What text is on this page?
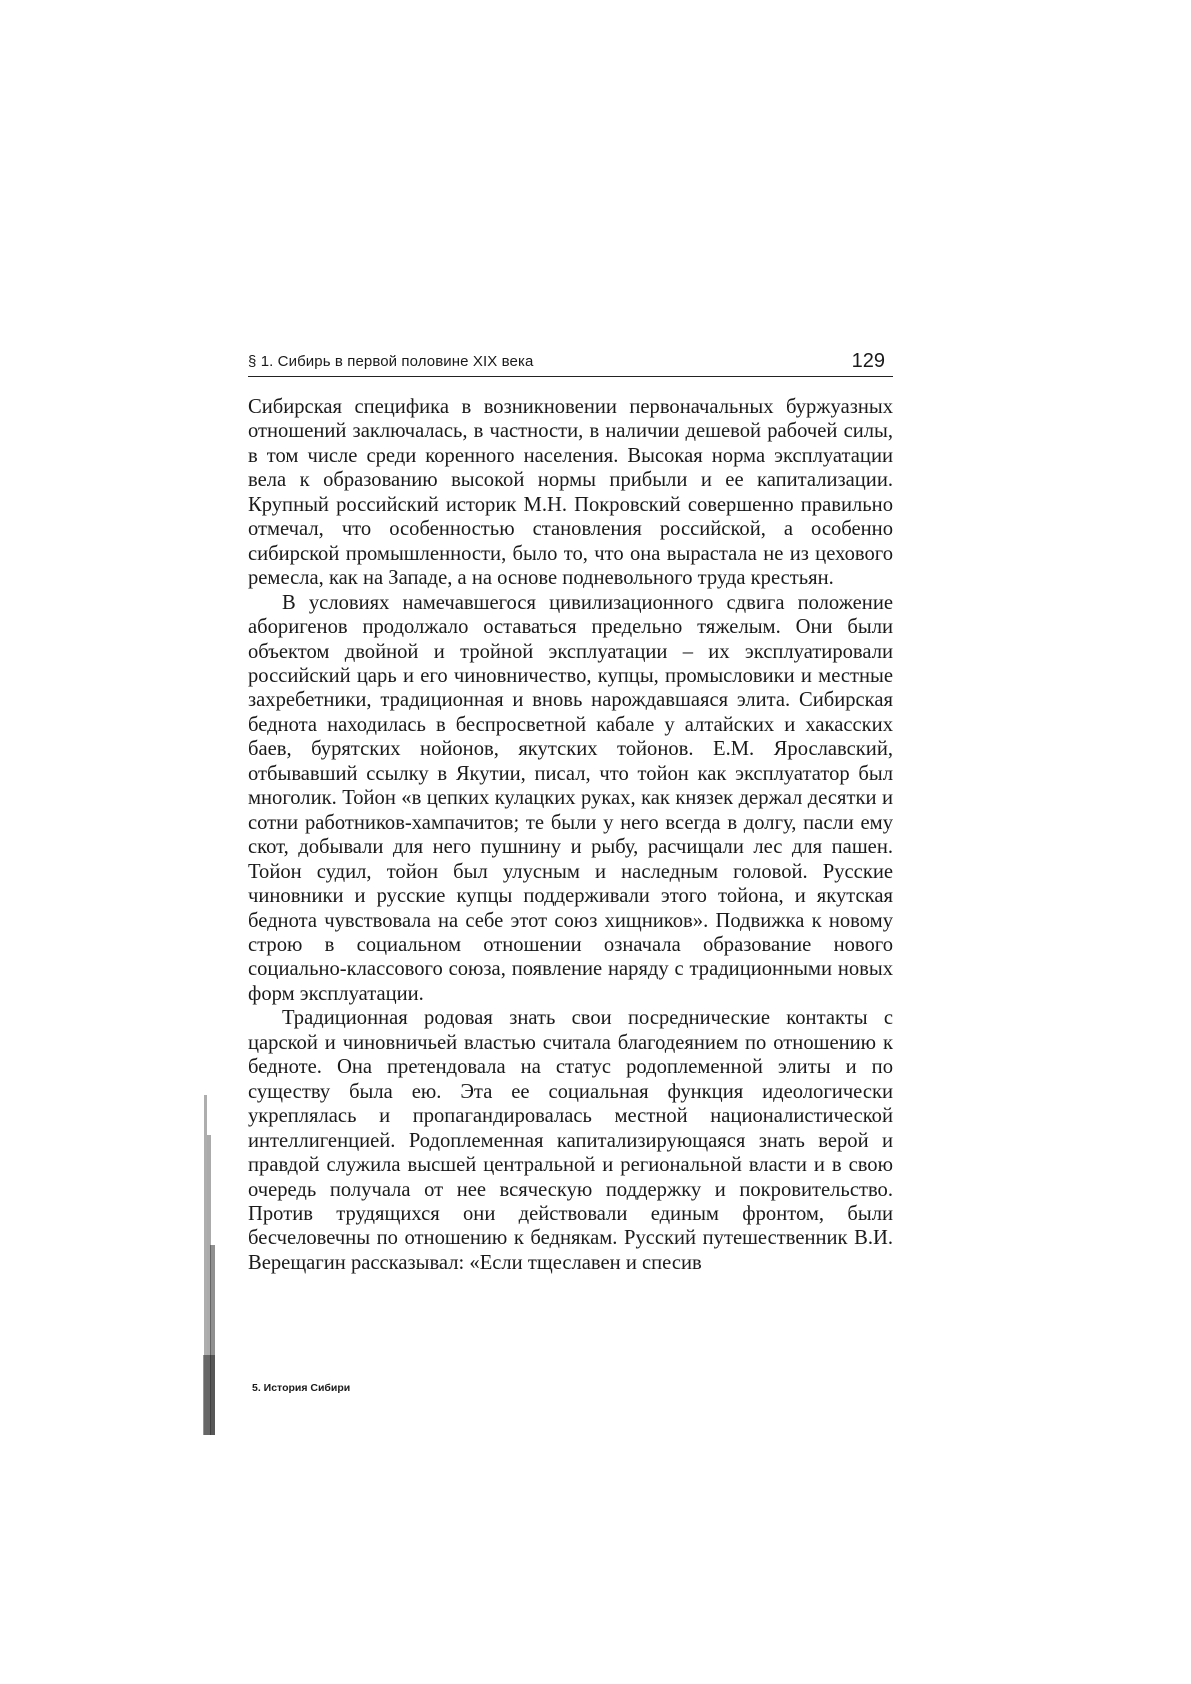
§ 1. Сибирь в первой половине XIX века	129

Сибирская специфика в возникновении первоначальных буржуазных отношений заключалась, в частности, в наличии дешевой рабочей силы, в том числе среди коренного населения. Высокая норма эксплуатации вела к образованию высокой нормы прибыли и ее капитализации. Крупный российский историк М.Н. Покровский совершенно правильно отмечал, что особенностью становления российской, а особенно сибирской промышленности, было то, что она вырастала не из цехового ремесла, как на Западе, а на основе подневольного труда крестьян.

В условиях намечавшегося цивилизационного сдвига положение аборигенов продолжало оставаться предельно тяжелым. Они были объектом двойной и тройной эксплуатации – их эксплуатировали российский царь и его чиновничество, купцы, промысловики и местные захребетники, традиционная и вновь нарождавшаяся элита. Сибирская беднота находилась в беспросветной кабале у алтайских и хакасских баев, бурятских нойонов, якутских тойонов. Е.М. Ярославский, отбывавший ссылку в Якутии, писал, что тойон как эксплуататор был многолик. Тойон «в цепких кулацких руках, как князек держал десятки и сотни работников-хампачитов; те были у него всегда в долгу, пасли ему скот, добывали для него пушнину и рыбу, расчищали лес для пашен. Тойон судил, тойон был улусным и наследным головой. Русские чиновники и русские купцы поддерживали этого тойона, и якутская беднота чувствовала на себе этот союз хищников». Подвижка к новому строю в социальном отношении означала образование нового социально-классового союза, появление наряду с традиционными новых форм эксплуатации.

Традиционная родовая знать свои посреднические контакты с царской и чиновничьей властью считала благодеянием по отношению к бедноте. Она претендовала на статус родоплеменной элиты и по существу была ею. Эта ее социальная функция идеологически укреплялась и пропагандировалась местной националистической интеллигенцией. Родоплеменная капитализирующаяся знать верой и правдой служила высшей центральной и региональной власти и в свою очередь получала от нее всяческую поддержку и покровительство. Против трудящихся они действовали единым фронтом, были бесчеловечны по отношению к беднякам. Русский путешественник В.И. Верещагин рассказывал: «Если тщеславен и спесив

5. История Сибири
